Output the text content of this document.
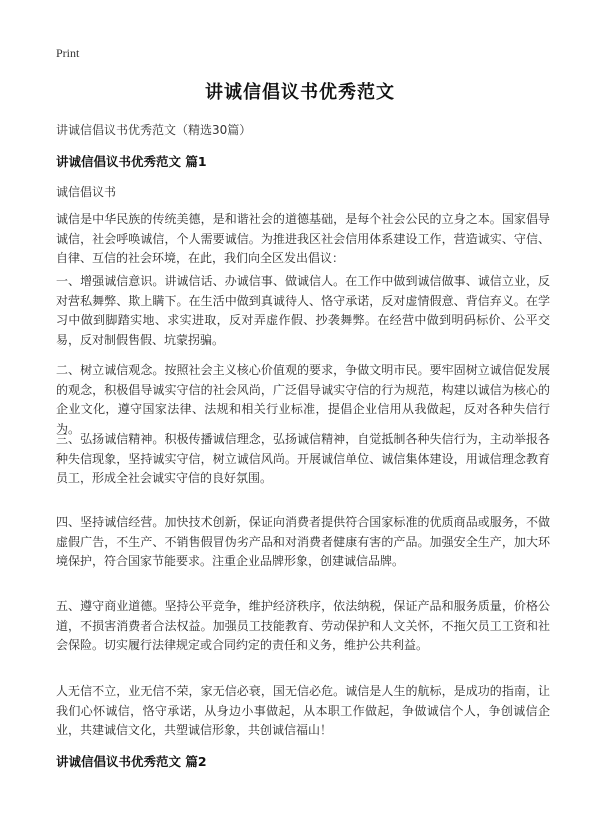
Print
讲诚信倡议书优秀范文
讲诚信倡议书优秀范文（精选30篇）
讲诚信倡议书优秀范文 篇1
诚信倡议书
诚信是中华民族的传统美德，是和谐社会的道德基础，是每个社会公民的立身之本。国家倡导诚信，社会呼唤诚信，个人需要诚信。为推进我区社会信用体系建设工作，营造诚实、守信、自律、互信的社会环境，在此，我们向全区发出倡议：
一、增强诚信意识。讲诚信话、办诚信事、做诚信人。在工作中做到诚信做事、诚信立业，反对营私舞弊、欺上瞒下。在生活中做到真诚待人、恪守承诺，反对虚情假意、背信弃义。在学习中做到脚踏实地、求实进取，反对弄虚作假、抄袭舞弊。在经营中做到明码标价、公平交易，反对制假售假、坑蒙拐骗。
二、树立诚信观念。按照社会主义核心价值观的要求，争做文明市民。要牢固树立诚信促发展的观念，积极倡导诚实守信的社会风尚，广泛倡导诚实守信的行为规范，构建以诚信为核心的企业文化，遵守国家法律、法规和相关行业标准，提倡企业信用从我做起，反对各种失信行为。
三、弘扬诚信精神。积极传播诚信理念，弘扬诚信精神，自觉抵制各种失信行为，主动举报各种失信现象，坚持诚实守信，树立诚信风尚。开展诚信单位、诚信集体建设，用诚信理念教育员工，形成全社会诚实守信的良好氛围。
四、坚持诚信经营。加快技术创新，保证向消费者提供符合国家标准的优质商品或服务，不做虚假广告，不生产、不销售假冒伪劣产品和对消费者健康有害的产品。加强安全生产，加大环境保护，符合国家节能要求。注重企业品牌形象，创建诚信品牌。
五、遵守商业道德。坚持公平竞争，维护经济秩序，依法纳税，保证产品和服务质量，价格公道，不损害消费者合法权益。加强员工技能教育、劳动保护和人文关怀，不拖欠员工工资和社会保险。切实履行法律规定或合同约定的责任和义务，维护公共利益。
人无信不立，业无信不荣，家无信必衰，国无信必危。诚信是人生的航标，是成功的指南，让我们心怀诚信，恪守承诺，从身边小事做起，从本职工作做起，争做诚信个人，争创诚信企业，共建诚信文化，共塑诚信形象，共创诚信福山！
讲诚信倡议书优秀范文 篇2
